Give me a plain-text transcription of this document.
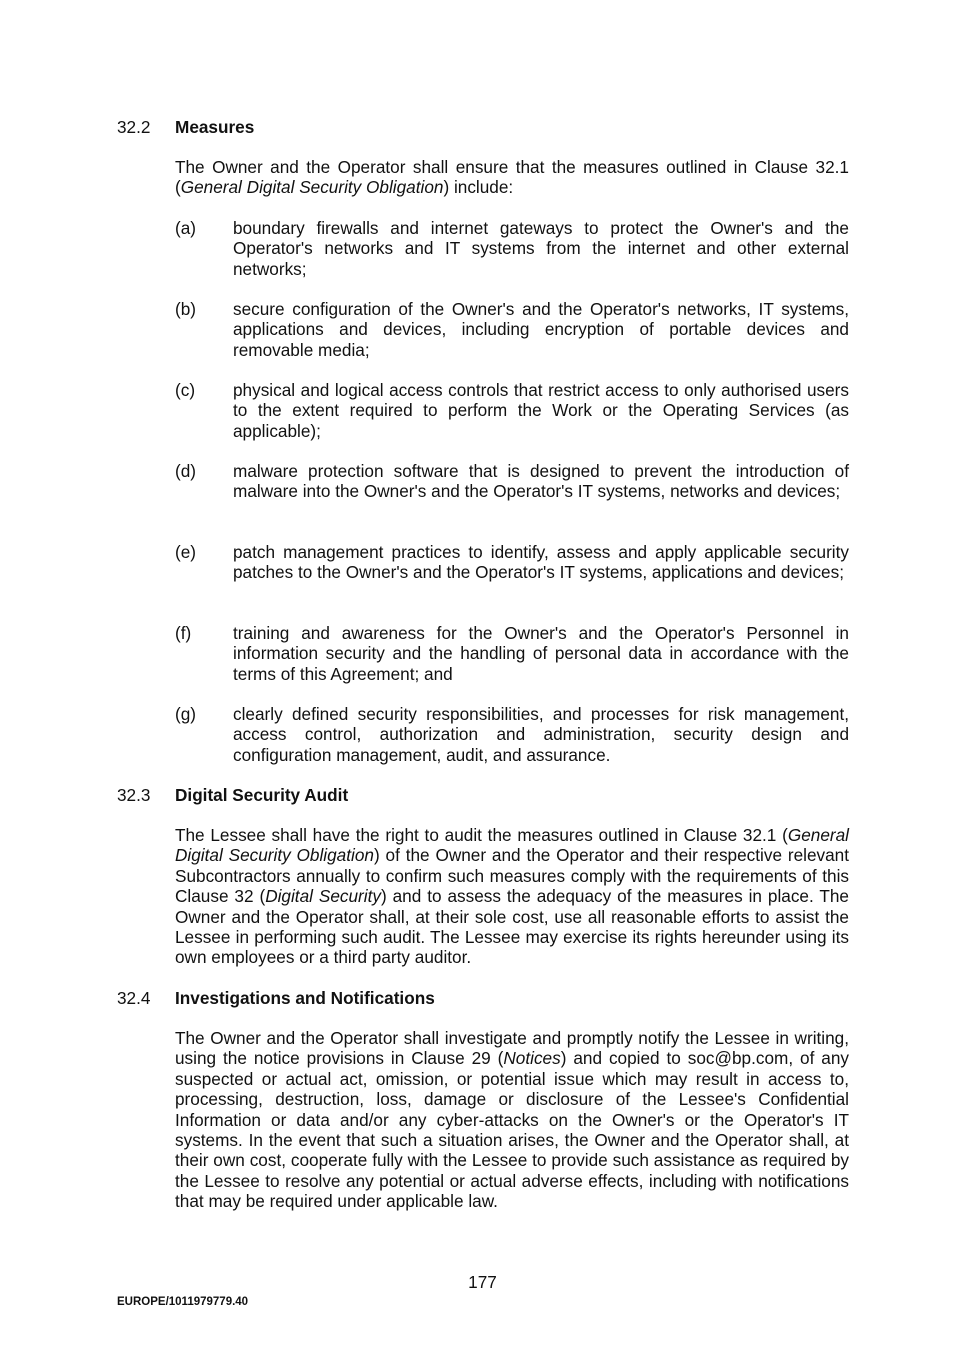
32.2 Measures

The Owner and the Operator shall ensure that the measures outlined in Clause 32.1 (General Digital Security Obligation) include:

(a) boundary firewalls and internet gateways to protect the Owner's and the Operator's networks and IT systems from the internet and other external networks;

(b) secure configuration of the Owner's and the Operator's networks, IT systems, applications and devices, including encryption of portable devices and removable media;

(c) physical and logical access controls that restrict access to only authorised users to the extent required to perform the Work or the Operating Services (as applicable);

(d) malware protection software that is designed to prevent the introduction of malware into the Owner's and the Operator's IT systems, networks and devices;

(e) patch management practices to identify, assess and apply applicable security patches to the Owner's and the Operator's IT systems, applications and devices;

(f) training and awareness for the Owner's and the Operator's Personnel in information security and the handling of personal data in accordance with the terms of this Agreement; and

(g) clearly defined security responsibilities, and processes for risk management, access control, authorization and administration, security design and configuration management, audit, and assurance.

32.3 Digital Security Audit

The Lessee shall have the right to audit the measures outlined in Clause 32.1 (General Digital Security Obligation) of the Owner and the Operator and their respective relevant Subcontractors annually to confirm such measures comply with the requirements of this Clause 32 (Digital Security) and to assess the adequacy of the measures in place. The Owner and the Operator shall, at their sole cost, use all reasonable efforts to assist the Lessee in performing such audit. The Lessee may exercise its rights hereunder using its own employees or a third party auditor.

32.4 Investigations and Notifications

The Owner and the Operator shall investigate and promptly notify the Lessee in writing, using the notice provisions in Clause 29 (Notices) and copied to soc@bp.com, of any suspected or actual act, omission, or potential issue which may result in access to, processing, destruction, loss, damage or disclosure of the Lessee's Confidential Information or data and/or any cyber-attacks on the Owner's or the Operator's IT systems. In the event that such a situation arises, the Owner and the Operator shall, at their own cost, cooperate fully with the Lessee to provide such assistance as required by the Lessee to resolve any potential or actual adverse effects, including with notifications that may be required under applicable law.

177
EUROPE/1011979779.40
